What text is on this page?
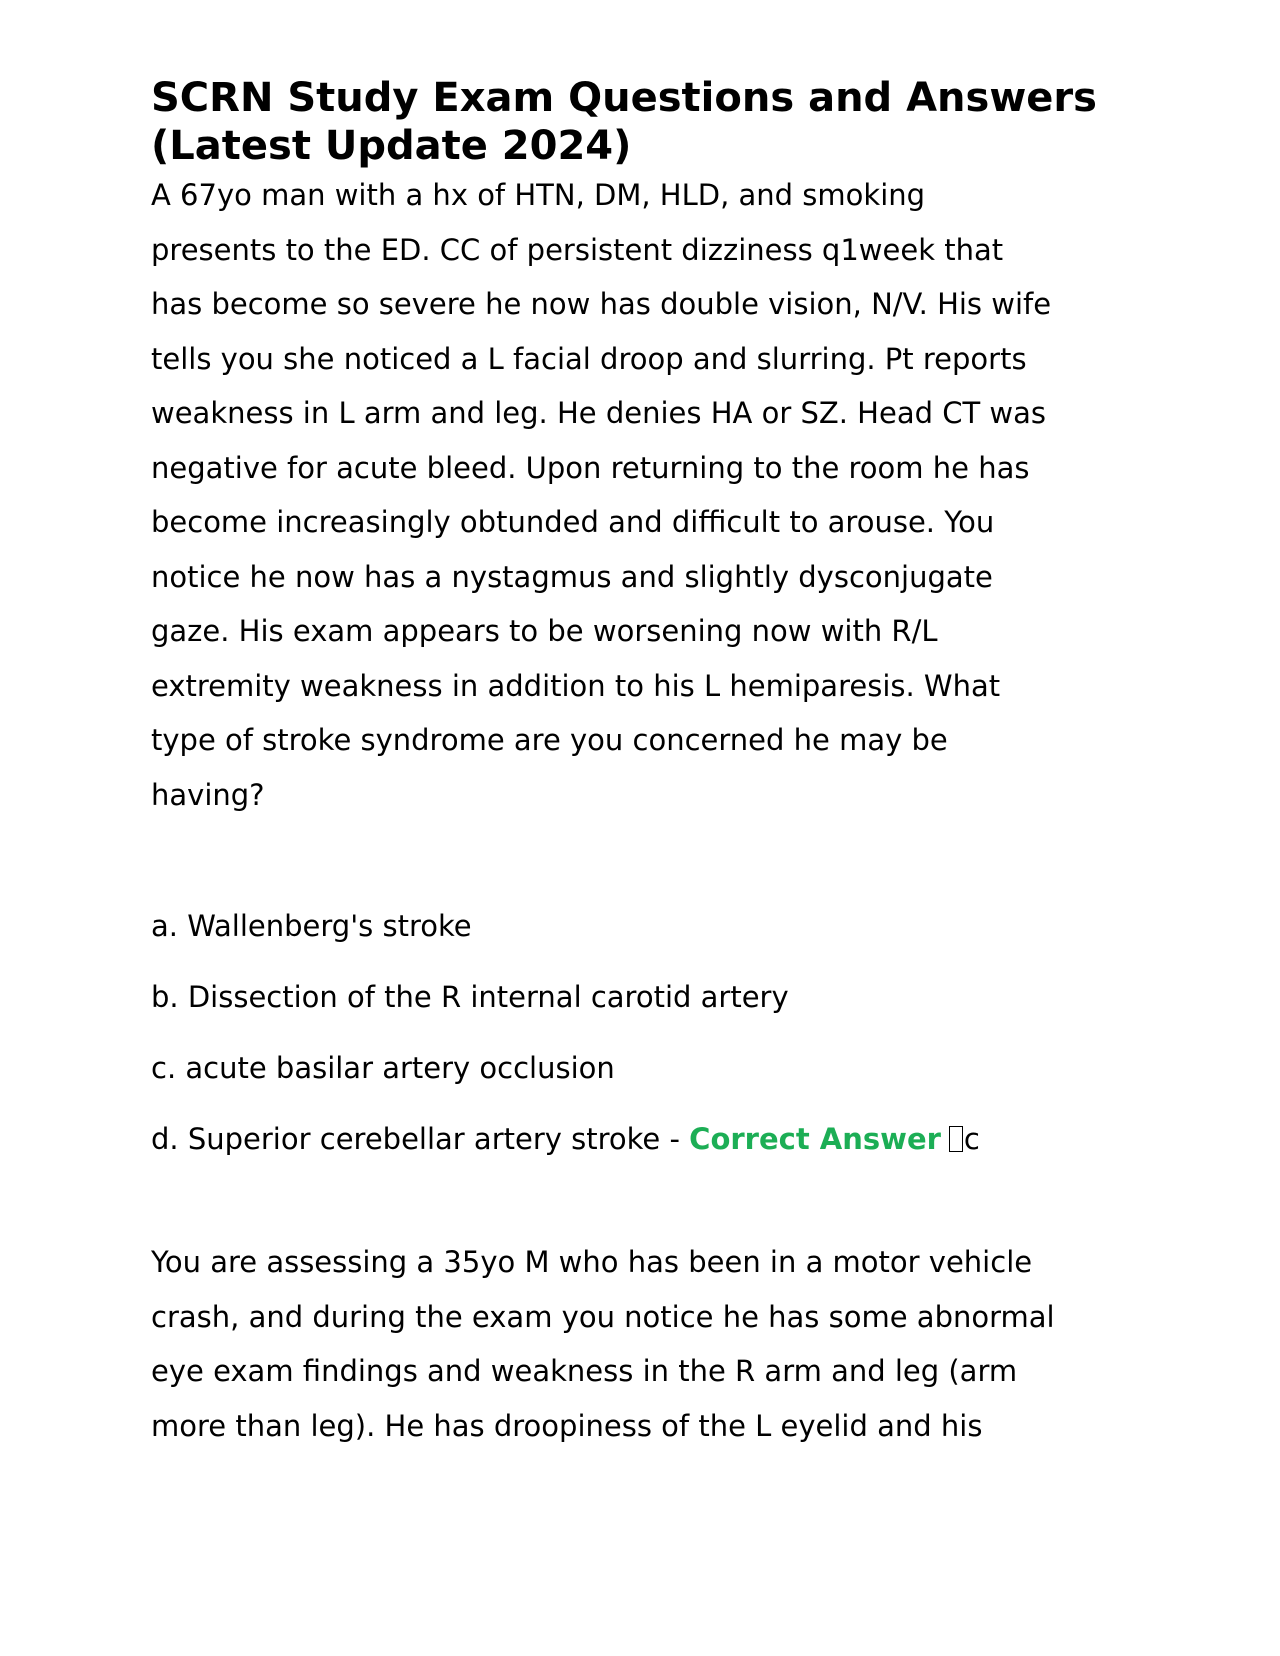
SCRN Study Exam Questions and Answers (Latest Update 2024)
A 67yo man with a hx of HTN, DM, HLD, and smoking
presents to the ED. CC of persistent dizziness q1week that
has become so severe he now has double vision, N/V. His wife
tells you she noticed a L facial droop and slurring. Pt reports
weakness in L arm and leg. He denies HA or SZ. Head CT was
negative for acute bleed. Upon returning to the room he has
become increasingly obtunded and difficult to arouse. You
notice he now has a nystagmus and slightly dysconjugate
gaze. His exam appears to be worsening now with R/L
extremity weakness in addition to his L hemiparesis. What
type of stroke syndrome are you concerned he may be
having?
a. Wallenberg's stroke
b. Dissection of the R internal carotid artery
c. acute basilar artery occlusion
d. Superior cerebellar artery stroke - Correct Answer c
You are assessing a 35yo M who has been in a motor vehicle
crash, and during the exam you notice he has some abnormal
eye exam findings and weakness in the R arm and leg (arm
more than leg). He has droopiness of the L eyelid and his
